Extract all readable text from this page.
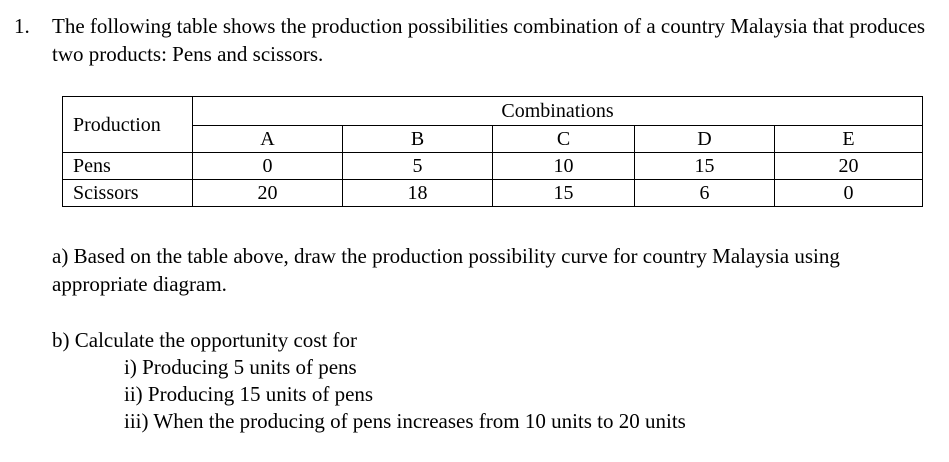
1. The following table shows the production possibilities combination of a country Malaysia that produces two products: Pens and scissors.
Production	Combinations				
	A	B	C	D	E
Pens	0	5	10	15	20
Scissors	20	18	15	6	0
a) Based on the table above, draw the production possibility curve for country Malaysia using appropriate diagram.
b) Calculate the opportunity cost for
i) Producing 5 units of pens
ii) Producing 15 units of pens
iii) When the producing of pens increases from 10 units to 20 units
